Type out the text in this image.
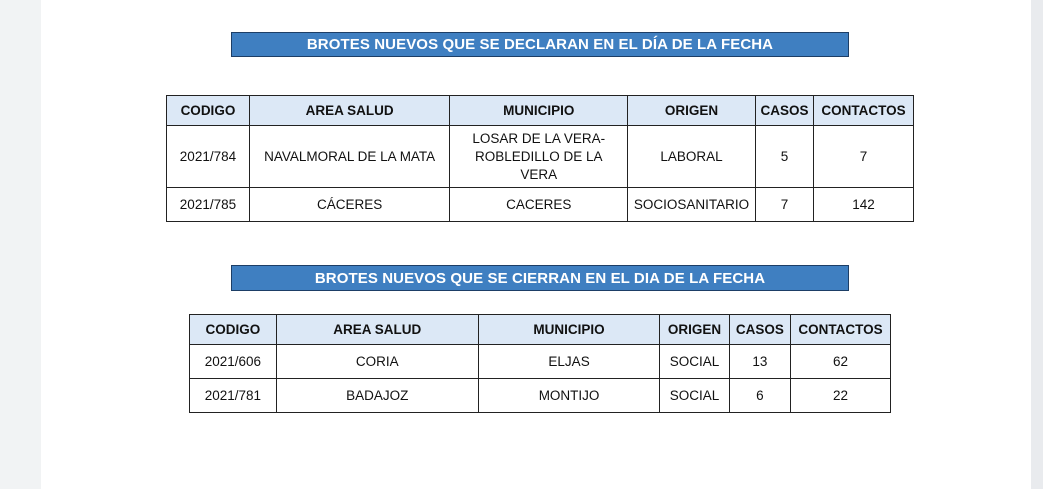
BROTES NUEVOS QUE SE DECLARAN EN EL DÍA DE LA FECHA
CODIGO	AREA SALUD	MUNICIPIO	ORIGEN	CASOS	CONTACTOS
2021/784	NAVALMORAL DE LA MATA	LOSAR DE LA VERA-
ROBLEDILLO DE LA
VERA	LABORAL	5	7
2021/785	CÁCERES	CACERES	SOCIOSANITARIO	7	142
BROTES NUEVOS QUE SE CIERRAN EN EL DIA DE LA FECHA
CODIGO	AREA SALUD	MUNICIPIO	ORIGEN	CASOS	CONTACTOS
2021/606	CORIA	ELJAS	SOCIAL	13	62
2021/781	BADAJOZ	MONTIJO	SOCIAL	6	22
